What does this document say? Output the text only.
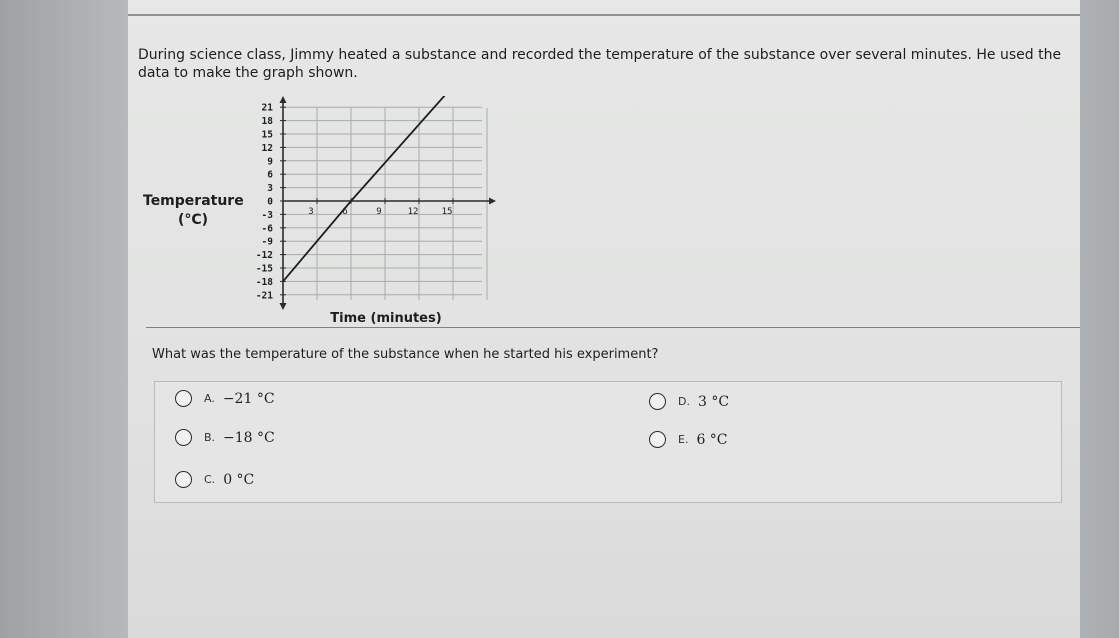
During science class, Jimmy heated a substance and recorded the temperature of the substance over several minutes. He used the data to make the graph shown.
Temperature
(°C)
21
18
15
12
9
6
3
0
-3
-6
-9
-12
-15
-18
-21
3	6	9	12	15
Time (minutes)
What was the temperature of the substance when he started his experiment?
A. −21 °C
B. −18 °C
C. 0 °C
D. 3 °C
E. 6 °C
